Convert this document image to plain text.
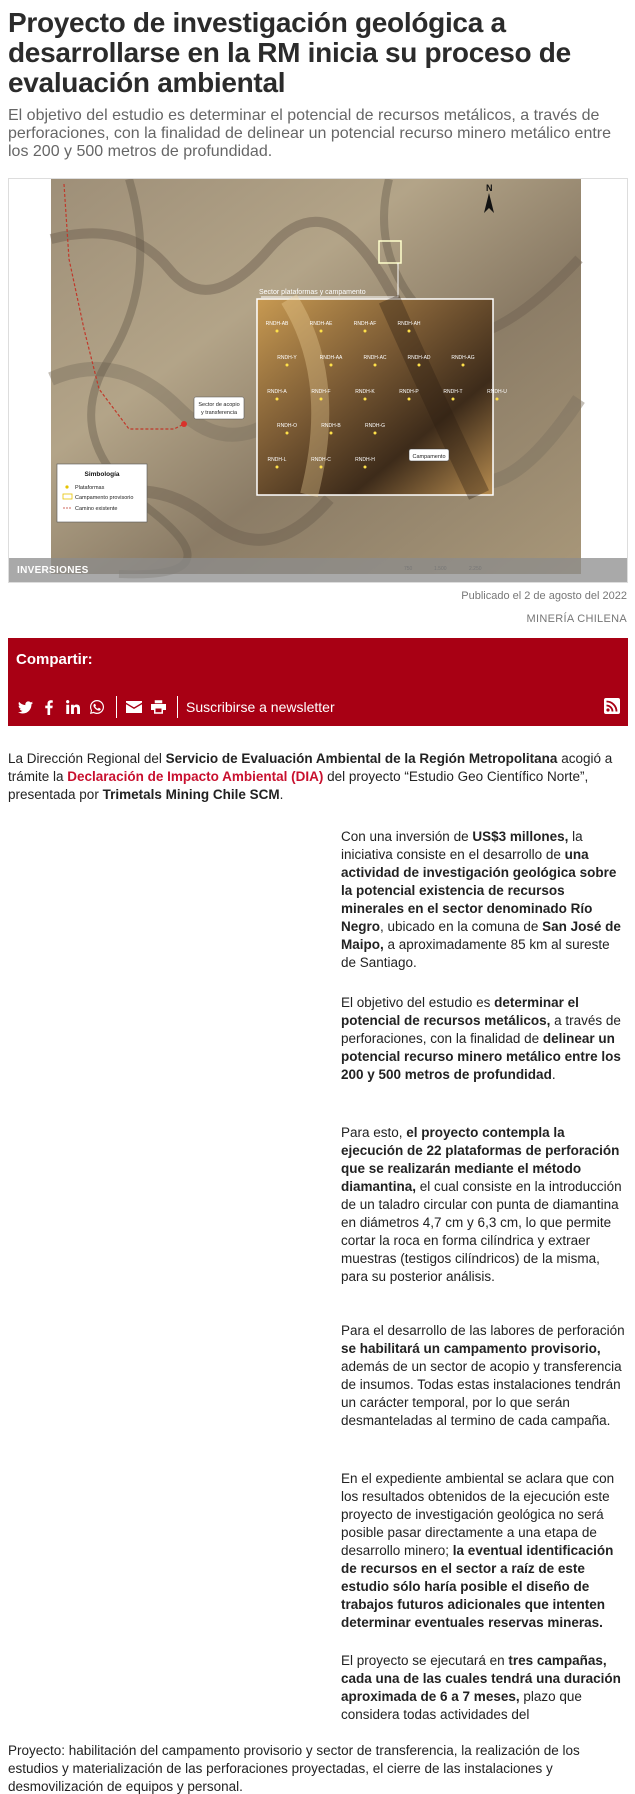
Proyecto de investigación geológica a desarrollarse en la RM inicia su proceso de evaluación ambiental

El objetivo del estudio es determinar el potencial de recursos metálicos, a través de perforaciones, con la finalidad de delinear un potencial recurso minero metálico entre los 200 y 500 metros de profundidad.

Sector de acopio
y transferencia
Sector plataformas y campamento
RNDH-AB	RNDH-AE	RNDH-AF	RNDH-AH
RNDH-Y	RNDH-AA	RNDH-AC	RNDH-AD	RNDH-AG
RNDH-A	RNDH-F	RNDH-K	RNDH-P	RNDH-T	RNDH-U
RNDH-O	RNDH-B	RNDH-G
RNDH-L	RNDH-C	RNDH-H	Campamento
N
Simbología
Plataformas
Campamento provisorio
Camino existente
INVERSIONES
Publicado el 2 de agosto del 2022
MINERÍA CHILENA
Compartir:
Suscribirse a newsletter

La Dirección Regional del Servicio de Evaluación Ambiental de la Región Metropolitana acogió a trámite la Declaración de Impacto Ambiental (DIA) del proyecto “Estudio Geo Científico Norte”, presentada por Trimetals Mining Chile SCM.

Con una inversión de US$3 millones, la iniciativa consiste en el desarrollo de una actividad de investigación geológica sobre la potencial existencia de recursos minerales en el sector denominado Río Negro, ubicado en la comuna de San José de Maipo, a aproximadamente 85 km al sureste de Santiago.

El objetivo del estudio es determinar el potencial de recursos metálicos, a través de perforaciones, con la finalidad de delinear un potencial recurso minero metálico entre los 200 y 500 metros de profundidad.

Para esto, el proyecto contempla la ejecución de 22 plataformas de perforación que se realizarán mediante el método diamantina, el cual consiste en la introducción de un taladro circular con punta de diamantina en diámetros 4,7 cm y 6,3 cm, lo que permite cortar la roca en forma cilíndrica y extraer muestras (testigos cilíndricos) de la misma, para su posterior análisis.

Para el desarrollo de las labores de perforación se habilitará un campamento provisorio, además de un sector de acopio y transferencia de insumos. Todas estas instalaciones tendrán un carácter temporal, por lo que serán desmanteladas al termino de cada campaña.

En el expediente ambiental se aclara que con los resultados obtenidos de la ejecución este proyecto de investigación geológica no será posible pasar directamente a una etapa de desarrollo minero; la eventual identificación de recursos en el sector a raíz de este estudio sólo haría posible el diseño de trabajos futuros adicionales que intenten determinar eventuales reservas mineras.

El proyecto se ejecutará en tres campañas, cada una de las cuales tendrá una duración aproximada de 6 a 7 meses, plazo que considera todas actividades del

Proyecto: habilitación del campamento provisorio y sector de transferencia, la realización de los estudios y materialización de las perforaciones proyectadas, el cierre de las instalaciones y desmovilización de equipos y personal.
